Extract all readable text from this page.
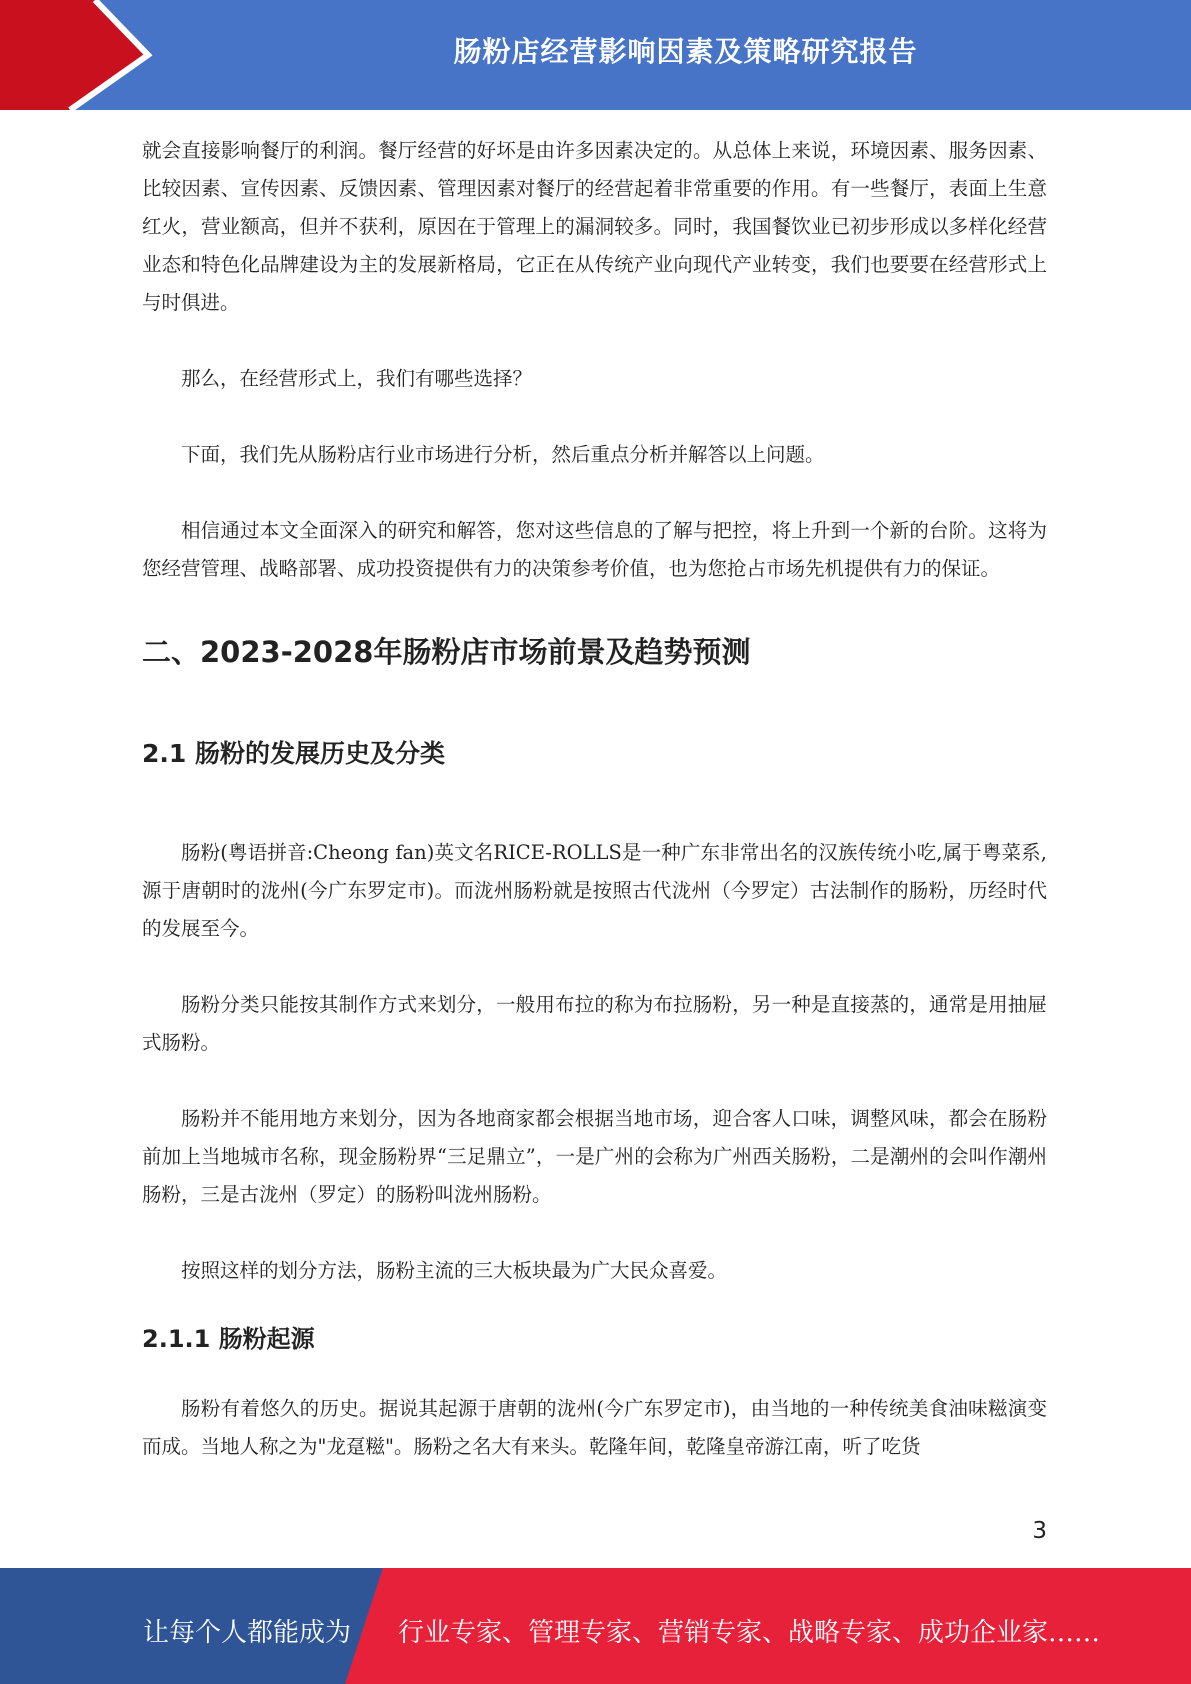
肠粉店经营影响因素及策略研究报告

就会直接影响餐厅的利润。餐厅经营的好坏是由许多因素决定的。从总体上来说，环境因素、服务因素、比较因素、宣传因素、反馈因素、管理因素对餐厅的经营起着非常重要的作用。有一些餐厅，表面上生意红火，营业额高，但并不获利，原因在于管理上的漏洞较多。同时，我国餐饮业已初步形成以多样化经营业态和特色化品牌建设为主的发展新格局，它正在从传统产业向现代产业转变，我们也要要在经营形式上与时俱进。

那么，在经营形式上，我们有哪些选择？

下面，我们先从肠粉店行业市场进行分析，然后重点分析并解答以上问题。

相信通过本文全面深入的研究和解答，您对这些信息的了解与把控，将上升到一个新的台阶。这将为您经营管理、战略部署、成功投资提供有力的决策参考价值，也为您抢占市场先机提供有力的保证。

二、2023-2028年肠粉店市场前景及趋势预测
2.1 肠粉的发展历史及分类

肠粉(粤语拼音:Cheong fan)英文名RICE-ROLLS是一种广东非常出名的汉族传统小吃,属于粤菜系,源于唐朝时的泷州(今广东罗定市)。而泷州肠粉就是按照古代泷州（今罗定）古法制作的肠粉，历经时代的发展至今。

肠粉分类只能按其制作方式来划分，一般用布拉的称为布拉肠粉，另一种是直接蒸的，通常是用抽屉式肠粉。

肠粉并不能用地方来划分，因为各地商家都会根据当地市场，迎合客人口味，调整风味，都会在肠粉前加上当地城市名称，现金肠粉界“三足鼎立”，一是广州的会称为广州西关肠粉，二是潮州的会叫作潮州肠粉，三是古泷州（罗定）的肠粉叫泷州肠粉。

按照这样的划分方法，肠粉主流的三大板块最为广大民众喜爱。

2.1.1 肠粉起源

肠粉有着悠久的历史。据说其起源于唐朝的泷州(今广东罗定市)，由当地的一种传统美食油味糍演变而成。当地人称之为"龙趸糍"。肠粉之名大有来头。乾隆年间，乾隆皇帝游江南，听了吃货

3
让每个人都能成为 行业专家、管理专家、营销专家、战略专家、成功企业家……
